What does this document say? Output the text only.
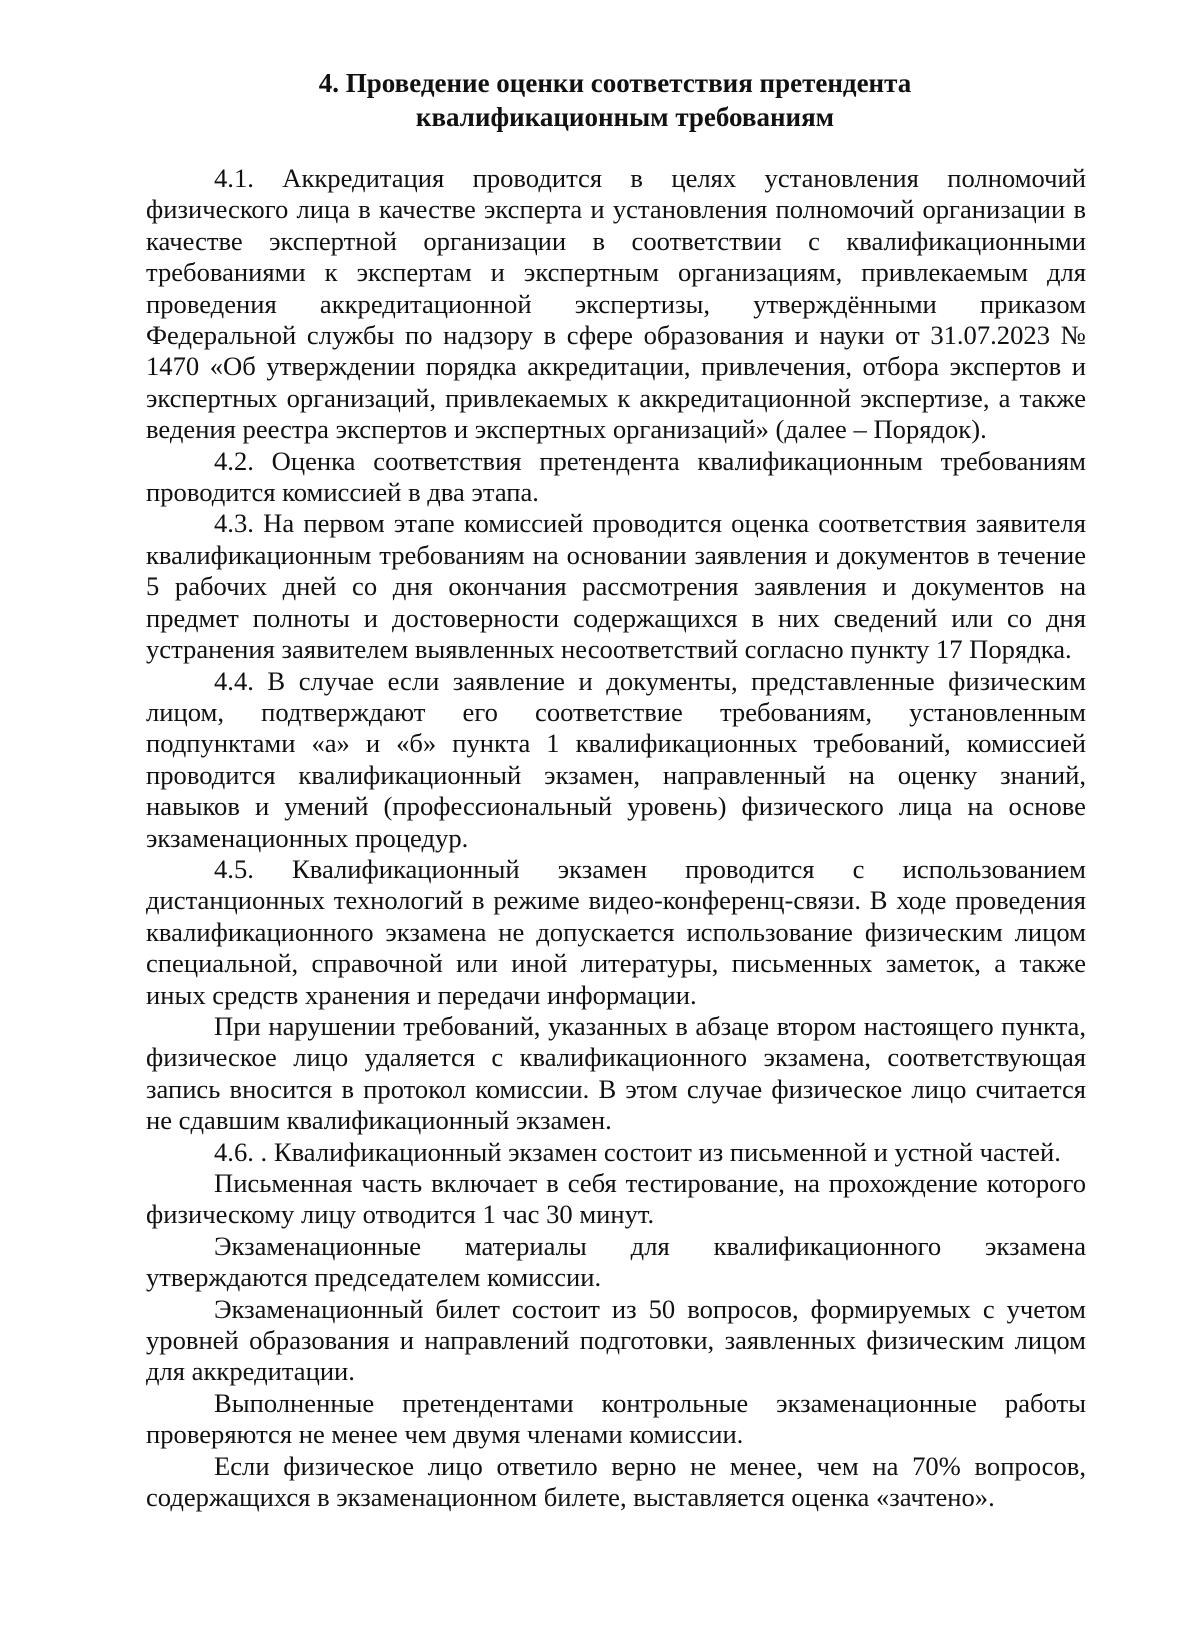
4. Проведение оценки соответствия претендента
квалификационным требованиям

4.1. Аккредитация проводится в целях установления полномочий физического лица в качестве эксперта и установления полномочий организации в качестве экспертной организации в соответствии с квалификационными требованиями к экспертам и экспертным организациям, привлекаемым для проведения аккредитационной экспертизы, утверждёнными приказом Федеральной службы по надзору в сфере образования и науки от 31.07.2023 № 1470 «Об утверждении порядка аккредитации, привлечения, отбора экспертов и экспертных организаций, привлекаемых к аккредитационной экспертизе, а также ведения реестра экспертов и экспертных организаций» (далее – Порядок).

4.2. Оценка соответствия претендента квалификационным требованиям проводится комиссией в два этапа.

4.3. На первом этапе комиссией проводится оценка соответствия заявителя квалификационным требованиям на основании заявления и документов в течение 5 рабочих дней со дня окончания рассмотрения заявления и документов на предмет полноты и достоверности содержащихся в них сведений или со дня устранения заявителем выявленных несоответствий согласно пункту 17 Порядка.

4.4. В случае если заявление и документы, представленные физическим лицом, подтверждают его соответствие требованиям, установленным подпунктами «а» и «б» пункта 1 квалификационных требований, комиссией проводится квалификационный экзамен, направленный на оценку знаний, навыков и умений (профессиональный уровень) физического лица на основе экзаменационных процедур.

4.5. Квалификационный экзамен проводится с использованием дистанционных технологий в режиме видео-конференц-связи. В ходе проведения квалификационного экзамена не допускается использование физическим лицом специальной, справочной или иной литературы, письменных заметок, а также иных средств хранения и передачи информации.

При нарушении требований, указанных в абзаце втором настоящего пункта, физическое лицо удаляется с квалификационного экзамена, соответствующая запись вносится в протокол комиссии. В этом случае физическое лицо считается не сдавшим квалификационный экзамен.

4.6. . Квалификационный экзамен состоит из письменной и устной частей.

Письменная часть включает в себя тестирование, на прохождение которого физическому лицу отводится 1 час 30 минут.

Экзаменационные материалы для квалификационного экзамена утверждаются председателем комиссии.

Экзаменационный билет состоит из 50 вопросов, формируемых с учетом уровней образования и направлений подготовки, заявленных физическим лицом для аккредитации.

Выполненные претендентами контрольные экзаменационные работы проверяются не менее чем двумя членами комиссии.

Если физическое лицо ответило верно не менее, чем на 70% вопросов, содержащихся в экзаменационном билете, выставляется оценка «зачтено».
